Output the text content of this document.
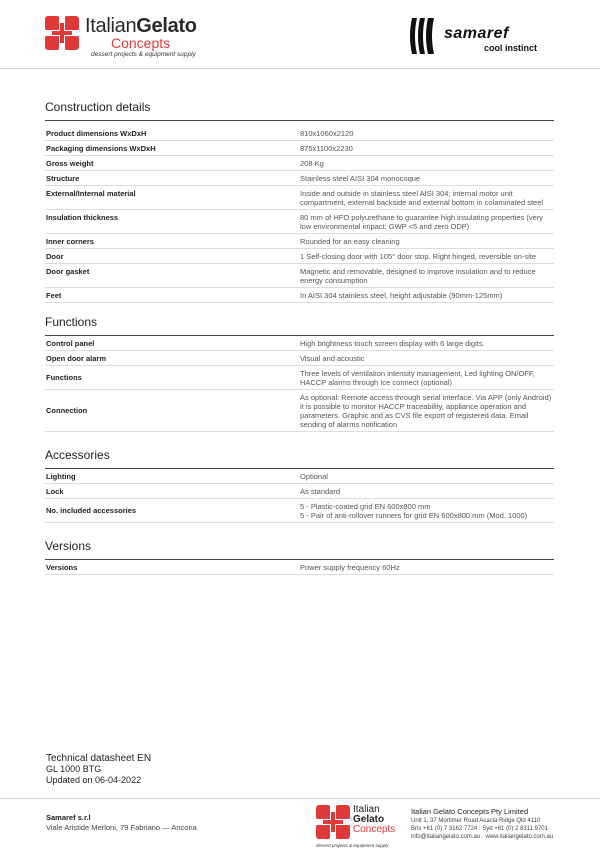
ItalianGelato
Concepts
dessert projects & equipment supply
samaref
cool instinct
Construction details
Product dimensions WxDxH	810x1060x2120
Packaging dimensions WxDxH	875x1100x2230
Gross weight	208 Kg
Structure	Stainless steel AISI 304 monocoque
External/Internal material	Inside and outside in stainless steel AISI 304; internal motor unit compartment, external backside and external bottom in colaminated steel
Insulation thickness	80 mm of HFO polyurethane to guarantee high insulating properties (very low environmental impact: GWP <5 and zero ODP)
Inner corners	Rounded for an easy cleaning
Door	1 Self-closing door with 105° door stop. Right hinged, reversible on-site
Door gasket	Magnetic and removable, designed to improve insulation and to reduce energy consumption
Feet	In AISI 304 stainless steel, height adjustable (90mm-125mm)
Functions
Control panel	High brightness touch screen display with 6 large digits.
Open door alarm	Visual and acoustic
Functions	Three levels of ventilation intensity management, Led lighting ON/OFF, HACCP alarms through Ice connect (optional)
Connection	As optional: Remote access through serial interface. Via APP (only Android) it is possible to monitor HACCP traceability, appliance operation and parameters. Graphic and as CVS file export of registered data. Email sending of alarms notification
Accessories
Lighting	Optional
Lock	As standard
No. included accessories	5 - Plastic-coated grid EN 600x800 mm
5 - Pair of anti-rollover runners for grid EN 600x800 mm (Mod. 1000)
Versions
Versions	Power supply frequency 60Hz
Technical datasheet EN
GL 1000 BTG
Updated on 06-04-2022
Samaref s.r.l
Viale Aristide Merloni, 79 Fabriano — Ancona
Italian
Gelato
Concepts
dessert projects & equipment supply
Italian Gelato Concepts Pty Limited
Unit 1, 37 Mortimer Road Acacia Ridge Qld 4110
Bris +61 (0) 7 3162 7724 : Syd +61 (0) 2 8311 9701
info@italiangelato.com.au · www.italiangelato.com.au
